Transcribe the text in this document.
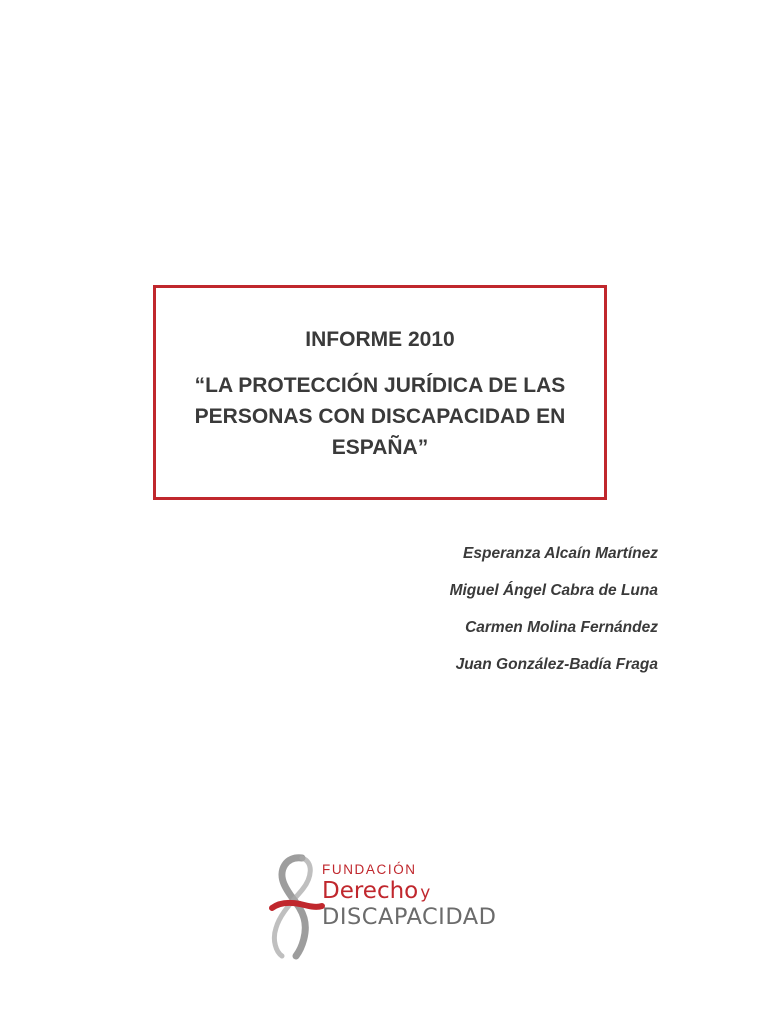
INFORME 2010
“LA PROTECCIÓN JURÍDICA DE LAS
PERSONAS CON DISCAPACIDAD EN
ESPAÑA”
Esperanza Alcaín Martínez
Miguel Ángel Cabra de Luna
Carmen Molina Fernández
Juan González-Badía Fraga
FUNDACIÓN
Derecho y
DISCAPACIDAD
